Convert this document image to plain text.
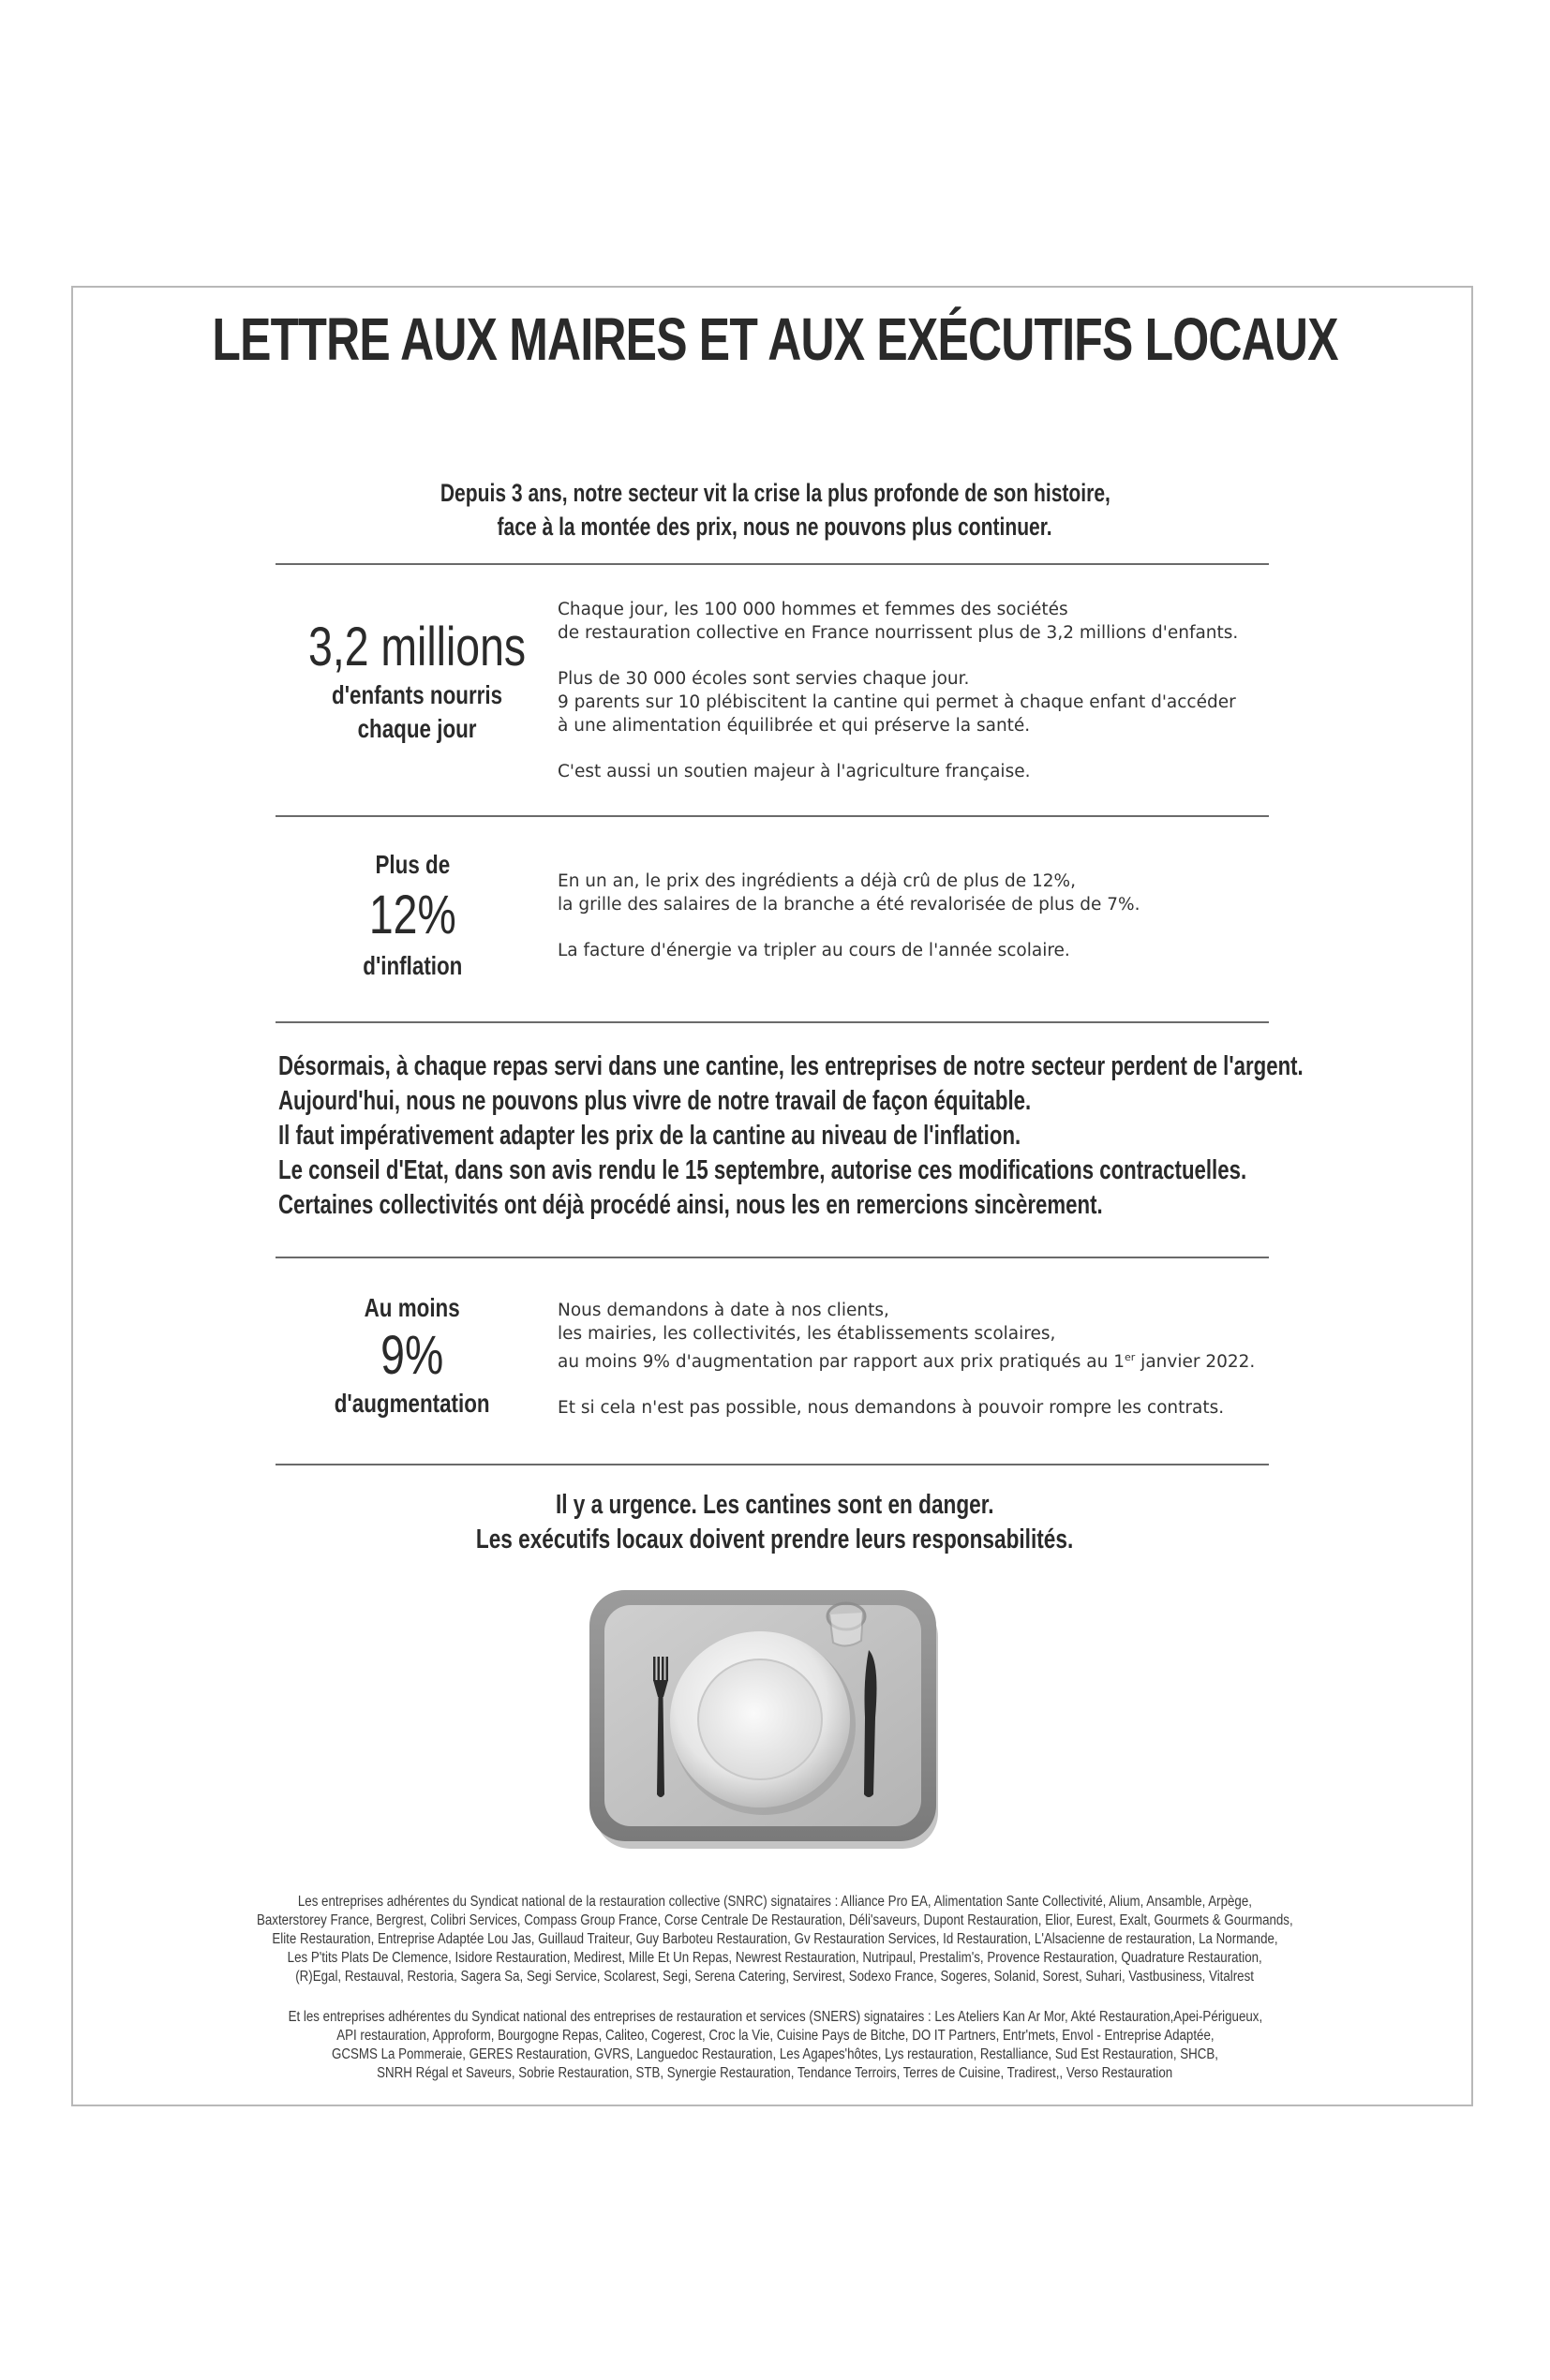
LETTRE AUX MAIRES ET AUX EXÉCUTIFS LOCAUX
Depuis 3 ans, notre secteur vit la crise la plus profonde de son histoire,
face à la montée des prix, nous ne pouvons plus continuer.
3,2 millions
d'enfants nourris
chaque jour

Chaque jour, les 100 000 hommes et femmes des sociétés
de restauration collective en France nourrissent plus de 3,2 millions d'enfants.

Plus de 30 000 écoles sont servies chaque jour.
9 parents sur 10 plébiscitent la cantine qui permet à chaque enfant d'accéder
à une alimentation équilibrée et qui préserve la santé.

C'est aussi un soutien majeur à l'agriculture française.

Plus de
12%
d'inflation

En un an, le prix des ingrédients a déjà crû de plus de 12%,
la grille des salaires de la branche a été revalorisée de plus de 7%.

La facture d'énergie va tripler au cours de l'année scolaire.

Désormais, à chaque repas servi dans une cantine, les entreprises de notre secteur perdent de l'argent.
Aujourd'hui, nous ne pouvons plus vivre de notre travail de façon équitable.
Il faut impérativement adapter les prix de la cantine au niveau de l'inflation.
Le conseil d'Etat, dans son avis rendu le 15 septembre, autorise ces modifications contractuelles.
Certaines collectivités ont déjà procédé ainsi, nous les en remercions sincèrement.
Au moins
9%
d'augmentation

Nous demandons à date à nos clients,
les mairies, les collectivités, les établissements scolaires,
au moins 9% d'augmentation par rapport aux prix pratiqués au 1er janvier 2022.

Et si cela n'est pas possible, nous demandons à pouvoir rompre les contrats.

Il y a urgence. Les cantines sont en danger.
Les exécutifs locaux doivent prendre leurs responsabilités.
Les entreprises adhérentes du Syndicat national de la restauration collective (SNRC) signataires : Alliance Pro EA, Alimentation Sante Collectivité, Alium, Ansamble, Arpège,
Baxterstorey France, Bergrest, Colibri Services, Compass Group France, Corse Centrale De Restauration, Déli'saveurs, Dupont Restauration, Elior, Eurest, Exalt, Gourmets & Gourmands,
Elite Restauration, Entreprise Adaptée Lou Jas, Guillaud Traiteur, Guy Barboteu Restauration, Gv Restauration Services, Id Restauration, L'Alsacienne de restauration, La Normande,
Les P'tits Plats De Clemence, Isidore Restauration, Medirest, Mille Et Un Repas, Newrest Restauration, Nutripaul, Prestalim's, Provence Restauration, Quadrature Restauration,
(R)Egal, Restauval, Restoria, Sagera Sa, Segi Service, Scolarest, Segi, Serena Catering, Servirest, Sodexo France, Sogeres, Solanid, Sorest, Suhari, Vastbusiness, Vitalrest
Et les entreprises adhérentes du Syndicat national des entreprises de restauration et services (SNERS) signataires : Les Ateliers Kan Ar Mor, Akté Restauration,Apei-Périgueux,
API restauration, Approform, Bourgogne Repas, Caliteo, Cogerest, Croc la Vie, Cuisine Pays de Bitche, DO IT Partners, Entr'mets, Envol - Entreprise Adaptée,
GCSMS La Pommeraie, GERES Restauration, GVRS, Languedoc Restauration, Les Agapes'hôtes, Lys restauration, Restalliance, Sud Est Restauration, SHCB,
SNRH Régal et Saveurs, Sobrie Restauration, STB, Synergie Restauration, Tendance Terroirs, Terres de Cuisine, Tradirest,, Verso Restauration
